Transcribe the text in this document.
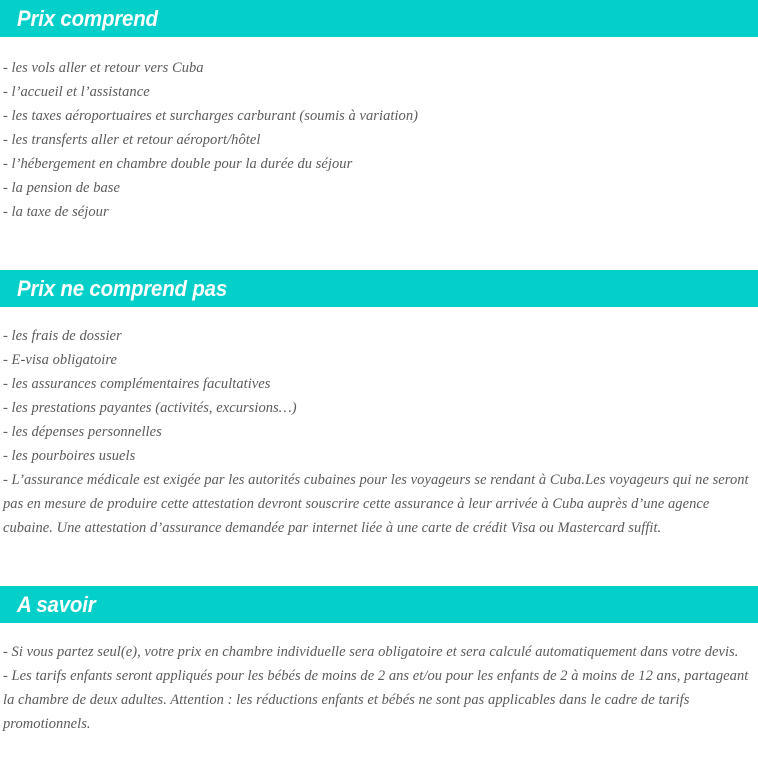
Prix comprend
- les vols aller et retour vers Cuba
- l’accueil et l’assistance
- les taxes aéroportuaires et surcharges carburant (soumis à variation)
- les transferts aller et retour aéroport/hôtel
- l’hébergement en chambre double pour la durée du séjour
- la pension de base
- la taxe de séjour
Prix ne comprend pas
- les frais de dossier
- E-visa obligatoire
- les assurances complémentaires facultatives
- les prestations payantes (activités, excursions…)
- les dépenses personnelles
- les pourboires usuels
- L’assurance médicale est exigée par les autorités cubaines pour les voyageurs se rendant à Cuba.Les voyageurs qui ne seront pas en mesure de produire cette attestation devront souscrire cette assurance à leur arrivée à Cuba auprès d’une agence cubaine. Une attestation d’assurance demandée par internet liée à une carte de crédit Visa ou Mastercard suffit.
A savoir
- Si vous partez seul(e), votre prix en chambre individuelle sera obligatoire et sera calculé automatiquement dans votre devis.
- Les tarifs enfants seront appliqués pour les bébés de moins de 2 ans et/ou pour les enfants de 2 à moins de 12 ans, partageant la chambre de deux adultes. Attention : les réductions enfants et bébés ne sont pas applicables dans le cadre de tarifs promotionnels.
